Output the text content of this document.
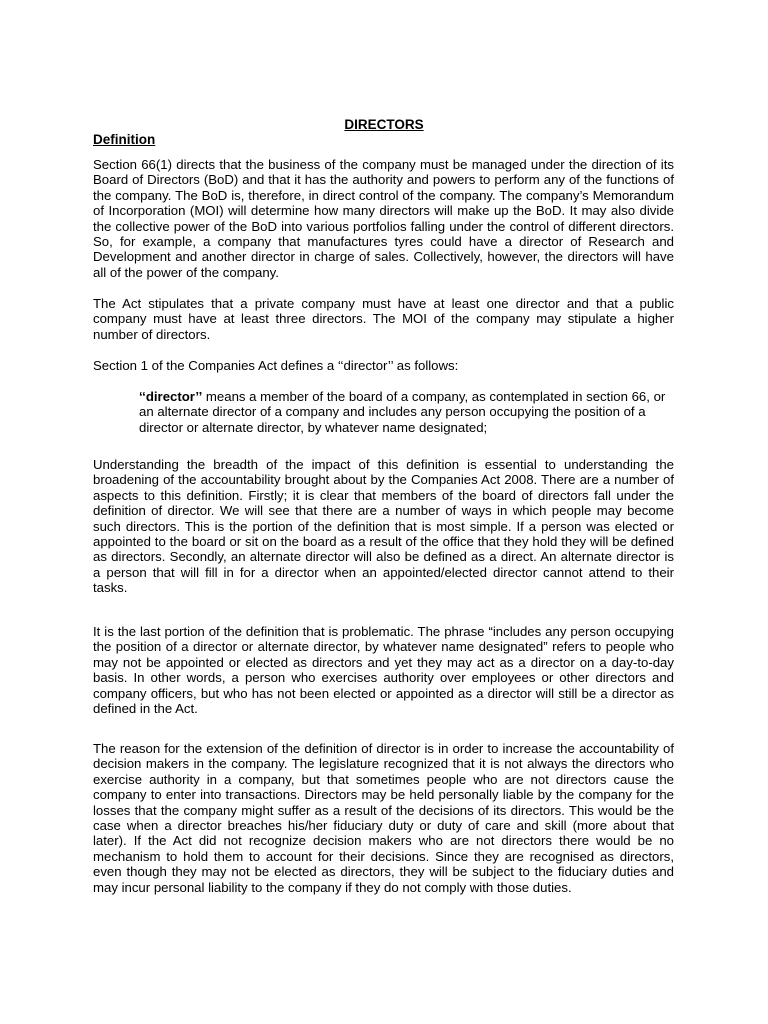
DIRECTORS
Definition

Section 66(1) directs that the business of the company must be managed under the direction of its Board of Directors (BoD) and that it has the authority and powers to perform any of the functions of the company. The BoD is, therefore, in direct control of the company. The company’s Memorandum of Incorporation (MOI) will determine how many directors will make up the BoD. It may also divide the collective power of the BoD into various portfolios falling under the control of different directors. So, for example, a company that manufactures tyres could have a director of Research and Development and another director in charge of sales. Collectively, however, the directors will have all of the power of the company.

The Act stipulates that a private company must have at least one director and that a public company must have at least three directors. The MOI of the company may stipulate a higher number of directors.

Section 1 of the Companies Act defines a ‘‘director’’ as follows:

‘‘director’’ means a member of the board of a company, as contemplated in section 66, or an alternate director of a company and includes any person occupying the position of a director or alternate director, by whatever name designated;

Understanding the breadth of the impact of this definition is essential to understanding the broadening of the accountability brought about by the Companies Act 2008. There are a number of aspects to this definition. Firstly; it is clear that members of the board of directors fall under the definition of director. We will see that there are a number of ways in which people may become such directors. This is the portion of the definition that is most simple. If a person was elected or appointed to the board or sit on the board as a result of the office that they hold they will be defined as directors. Secondly, an alternate director will also be defined as a direct. An alternate director is a person that will fill in for a director when an appointed/elected director cannot attend to their tasks.

It is the last portion of the definition that is problematic. The phrase “includes any person occupying the position of a director or alternate director, by whatever name designated” refers to people who may not be appointed or elected as directors and yet they may act as a director on a day-to-day basis. In other words, a person who exercises authority over employees or other directors and company officers, but who has not been elected or appointed as a director will still be a director as defined in the Act.

The reason for the extension of the definition of director is in order to increase the accountability of decision makers in the company. The legislature recognized that it is not always the directors who exercise authority in a company, but that sometimes people who are not directors cause the company to enter into transactions. Directors may be held personally liable by the company for the losses that the company might suffer as a result of the decisions of its directors. This would be the case when a director breaches his/her fiduciary duty or duty of care and skill (more about that later). If the Act did not recognize decision makers who are not directors there would be no mechanism to hold them to account for their decisions. Since they are recognised as directors, even though they may not be elected as directors, they will be subject to the fiduciary duties and may incur personal liability to the company if they do not comply with those duties.
